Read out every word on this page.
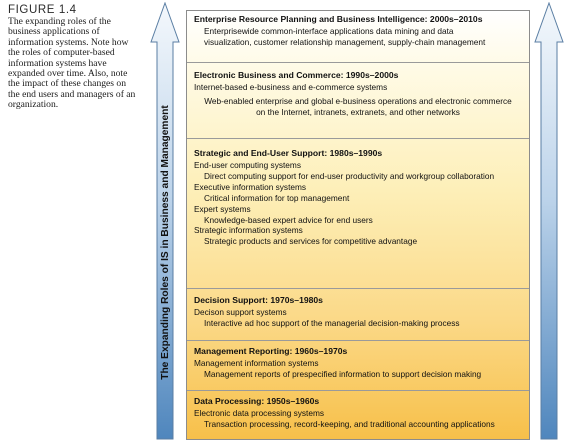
FIGURE 1.4

The expanding roles of the business applications of information systems. Note how the roles of computer-based information systems have expanded over time. Also, note the impact of these changes on the end users and managers of an organization.	The Expanding Roles of IS in Business and Management

Enterprise Resource Planning and Business Intelligence: 2000s–2010s

Enterprisewide common-interface applications data mining and data

visualization, customer relationship management, supply-chain management

Electronic Business and Commerce: 1990s–2000s

Internet-based e-business and e-commerce systems

Web-enabled enterprise and global e-business operations and electronic commerce on the Internet, intranets, extranets, and other networks

Strategic and End-User Support: 1980s–1990s

End-user computing systems

Direct computing support for end-user productivity and workgroup collaboration

Executive information systems

Critical information for top management

Expert systems

Knowledge-based expert advice for end users

Strategic information systems

Strategic products and services for competitive advantage

Decision Support: 1970s–1980s

Decison support systems

Interactive ad hoc support of the managerial decision-making process

Management Reporting: 1960s–1970s

Management information systems

Management reports of prespecified information to support decision making

Data Processing: 1950s–1960s

Electronic data processing systems

Transaction processing, record-keeping, and traditional accounting applications
